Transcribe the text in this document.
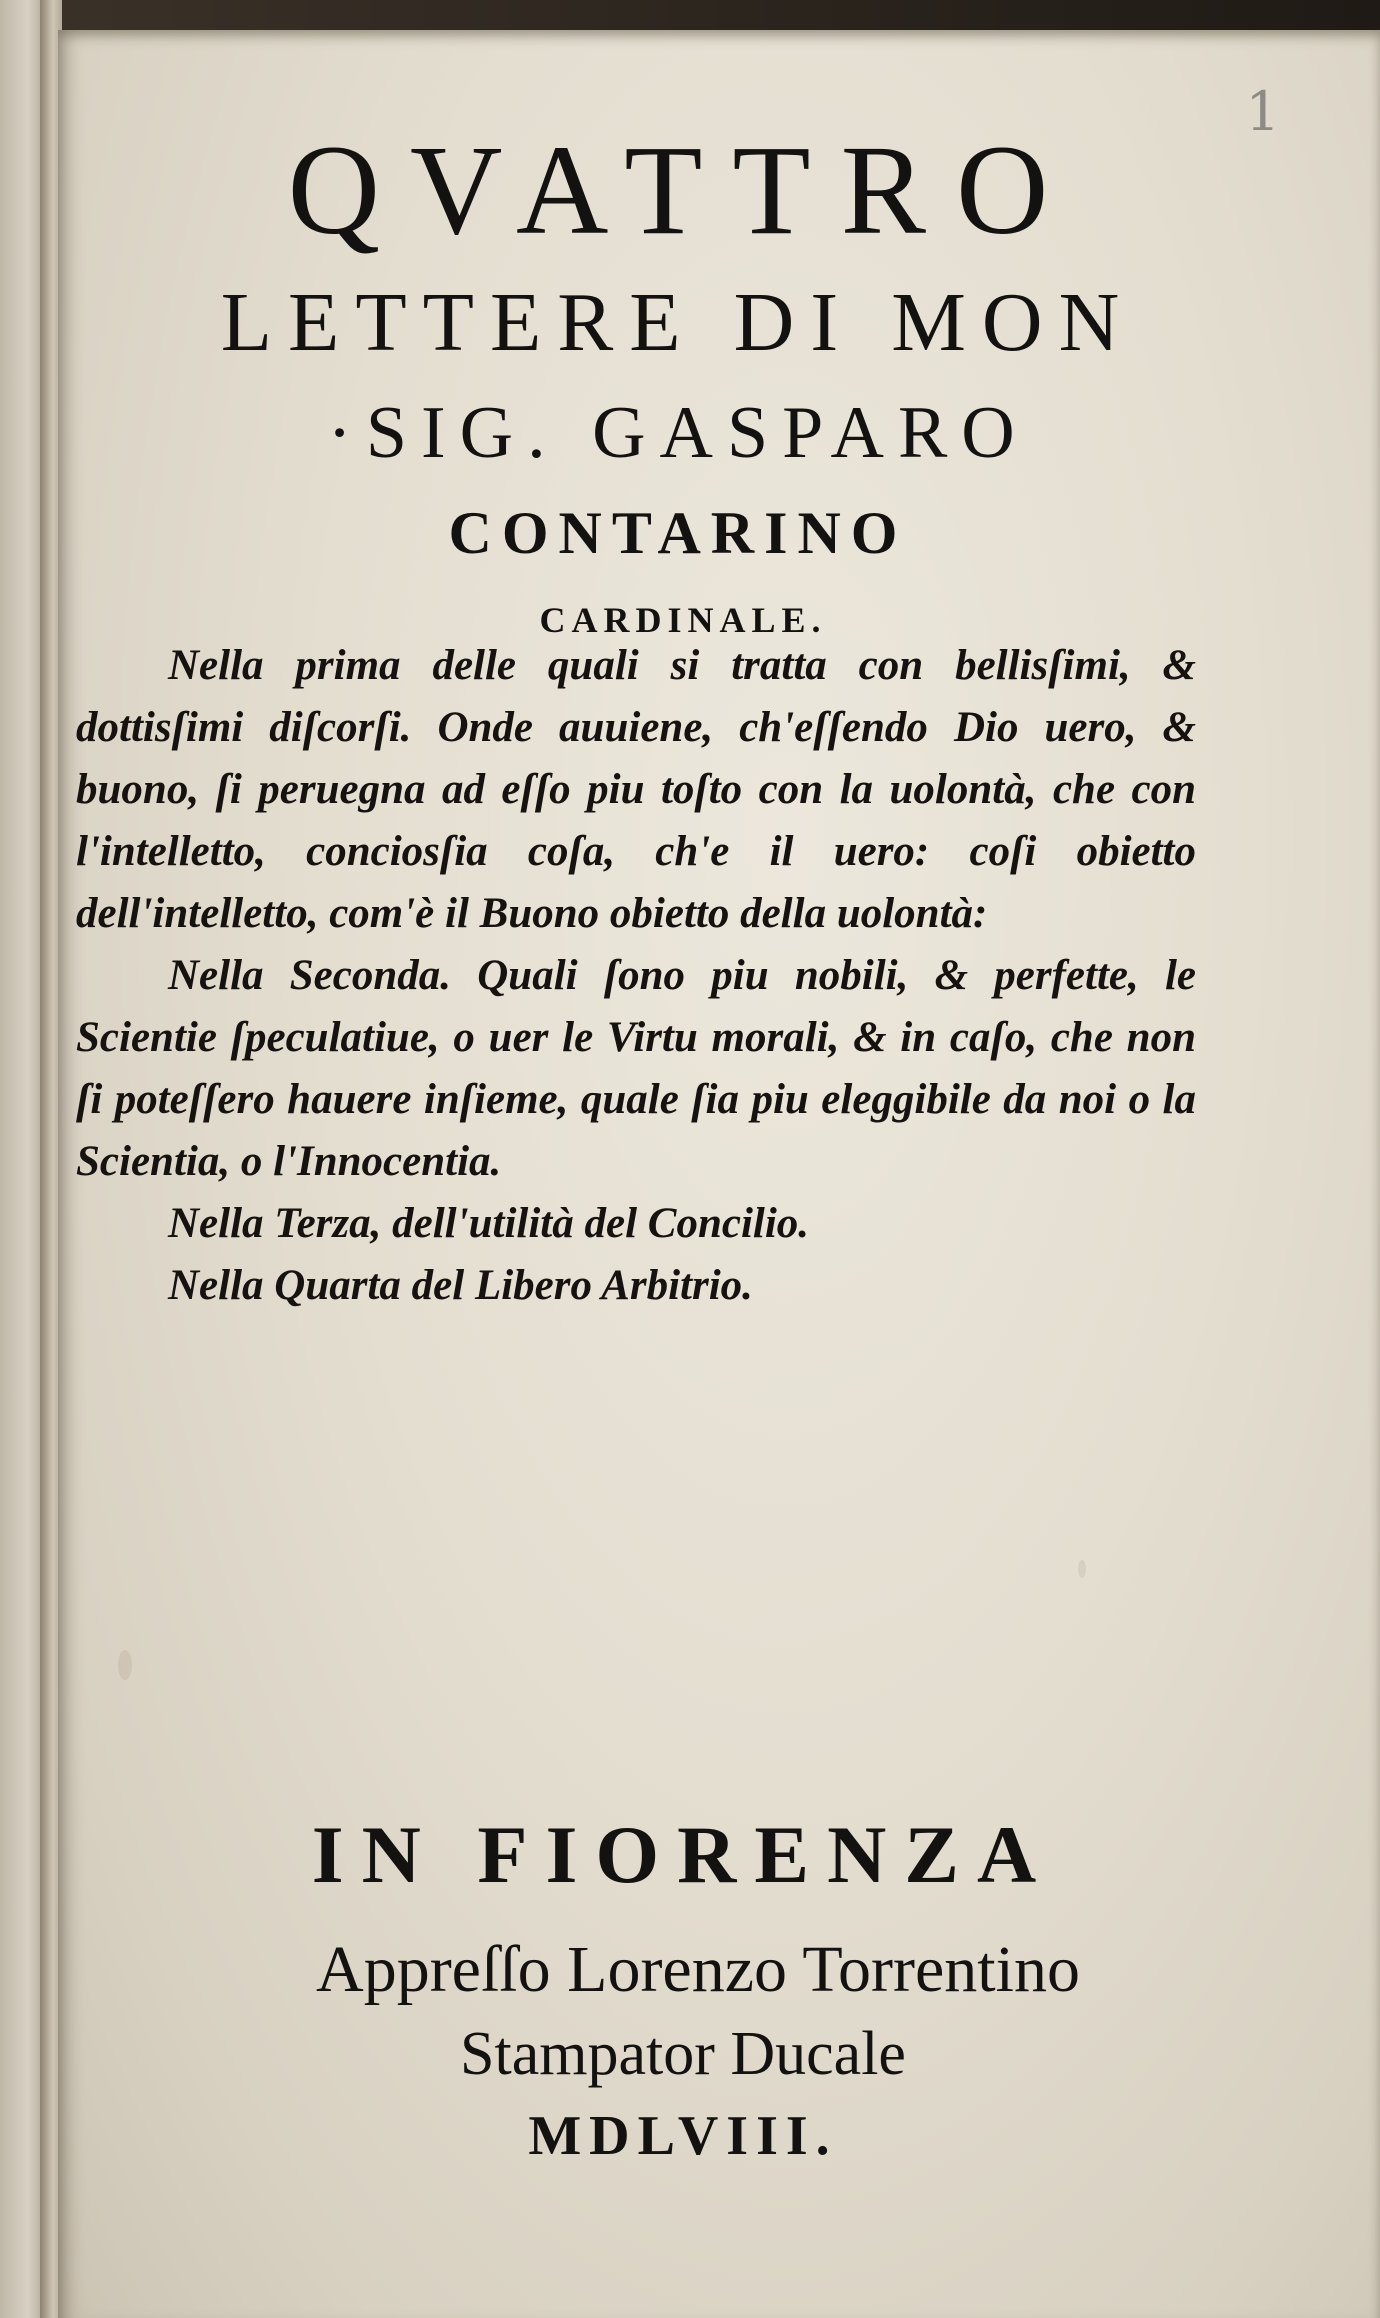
1
QVATTRO
LETTERE DI MON
·SIG. GASPARO
CONTARINO
CARDINALE.

Nella prima delle quali si tratta con bellisſimi, & dottisſimi diſcorſi. Onde auuiene, ch'eſſendo Dio uero, & buono, ſi peruegna ad eſſo piu toſto con la uolontà, che con l'intelletto, conciosſia coſa, ch'e il uero: coſi obietto dell'intelletto, com'è il Buono obietto della uolontà:

Nella Seconda. Quali ſono piu nobili, & perfette, le Scientie ſpeculatiue, o uer le Virtu morali, & in caſo, che non ſi poteſſero hauere inſieme, quale ſia piu eleggibile da noi o la Scientia, o l'Innocentia.

Nella Terza, dell'utilità del Concilio.

Nella Quarta del Libero Arbitrio.

IN FIORENZA
Appreſſo Lorenzo Torrentino
Stampator Ducale
MDLVIII.
